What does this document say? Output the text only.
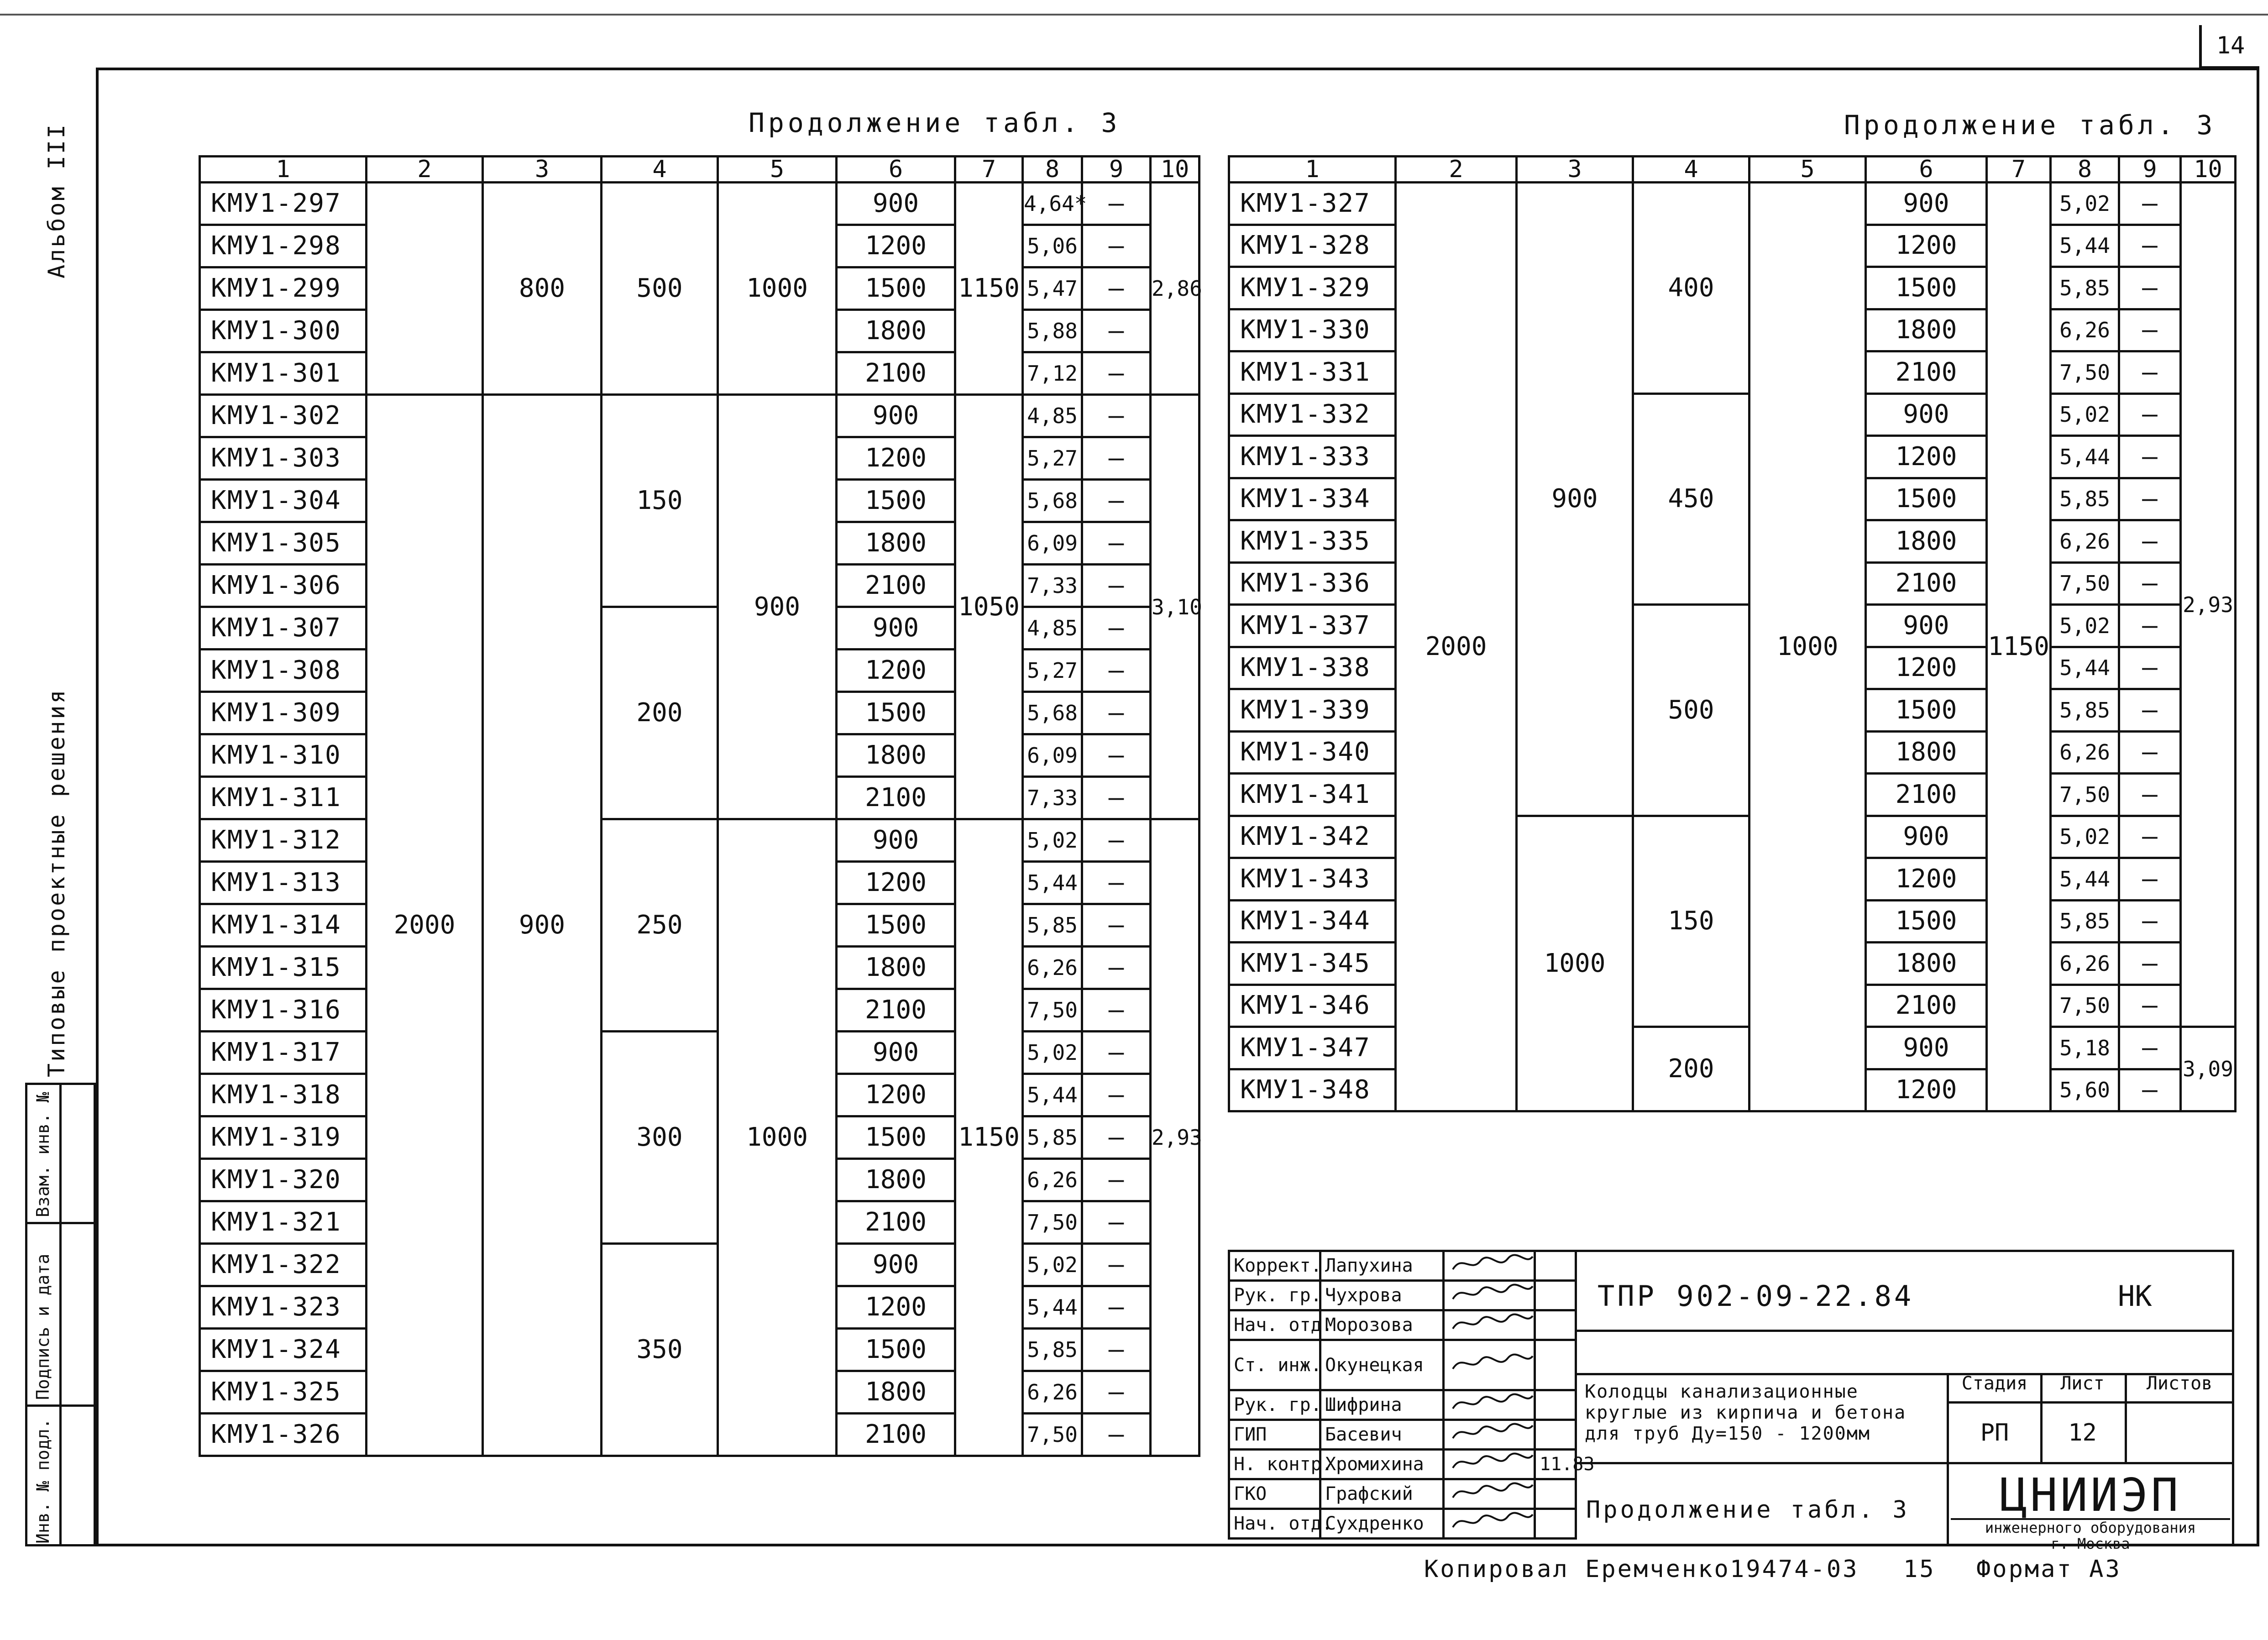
14
Альбом III
Типовые проектные решения
Взам. инв. №
Подпись и дата
Инв. № подл.
Продолжение табл. 3	Продолжение табл. 3
1	2	3	4	5	6	7	8	9	10
КМУ1-297		800	500	1000	900	1150	4,64*	—	2,86
КМУ1-298					1200		5,06	—	
КМУ1-299					1500		5,47	—	
КМУ1-300					1800		5,88	—	
КМУ1-301					2100		7,12	—	
КМУ1-302	2000	900	150	900	900	1050	4,85	—	3,10
КМУ1-303					1200		5,27	—	
КМУ1-304					1500		5,68	—	
КМУ1-305					1800		6,09	—	
КМУ1-306					2100		7,33	—	
КМУ1-307			200		900		4,85	—	
КМУ1-308					1200		5,27	—	
КМУ1-309					1500		5,68	—	
КМУ1-310					1800		6,09	—	
КМУ1-311					2100		7,33	—	
КМУ1-312			250	1000	900	1150	5,02	—	2,93
КМУ1-313					1200		5,44	—	
КМУ1-314					1500		5,85	—	
КМУ1-315					1800		6,26	—	
КМУ1-316					2100		7,50	—	
КМУ1-317			300		900		5,02	—	
КМУ1-318					1200		5,44	—	
КМУ1-319					1500		5,85	—	
КМУ1-320					1800		6,26	—	
КМУ1-321					2100		7,50	—	
КМУ1-322			350		900		5,02	—	
КМУ1-323					1200		5,44	—	
КМУ1-324					1500		5,85	—	
КМУ1-325					1800		6,26	—	
КМУ1-326					2100		7,50	—	
1	2	3	4	5	6	7	8	9	10
КМУ1-327	2000	900	400	1000	900	1150	5,02	—	2,93
КМУ1-328					1200		5,44	—	
КМУ1-329					1500		5,85	—	
КМУ1-330					1800		6,26	—	
КМУ1-331					2100		7,50	—	
КМУ1-332			450		900		5,02	—	
КМУ1-333					1200		5,44	—	
КМУ1-334					1500		5,85	—	
КМУ1-335					1800		6,26	—	
КМУ1-336					2100		7,50	—	
КМУ1-337			500		900		5,02	—	
КМУ1-338					1200		5,44	—	
КМУ1-339					1500		5,85	—	
КМУ1-340					1800		6,26	—	
КМУ1-341					2100		7,50	—	
КМУ1-342		1000	150		900		5,02	—	
КМУ1-343					1200		5,44	—	
КМУ1-344					1500		5,85	—	
КМУ1-345					1800		6,26	—	
КМУ1-346					2100		7,50	—	
КМУ1-347			200		900		5,18	—	3,09
КМУ1-348					1200		5,60	—	
Коррект.	Лапухина		
Рук. гр.	Чухрова		
Нач. отд.	Морозова		
Ст. инж.	Окунецкая		
Рук. гр.	Шифрина		
ГИП	Басевич		
Н. контр.	Хромихина		11.83
ГКО	Графский		
Нач. отд.	Сухдренко		
ТПР 902-09-22.84	НК
Колодцы канализационные круглые из кирпича и бетона для труб Ду=150 - 1200мм
Стадия	Лист	Листов
РП	12
Продолжение табл. 3	ЦНИИЭП
инженерного оборудования
г. Москва
Копировал Еремченко 19474-03 15 Формат А3
